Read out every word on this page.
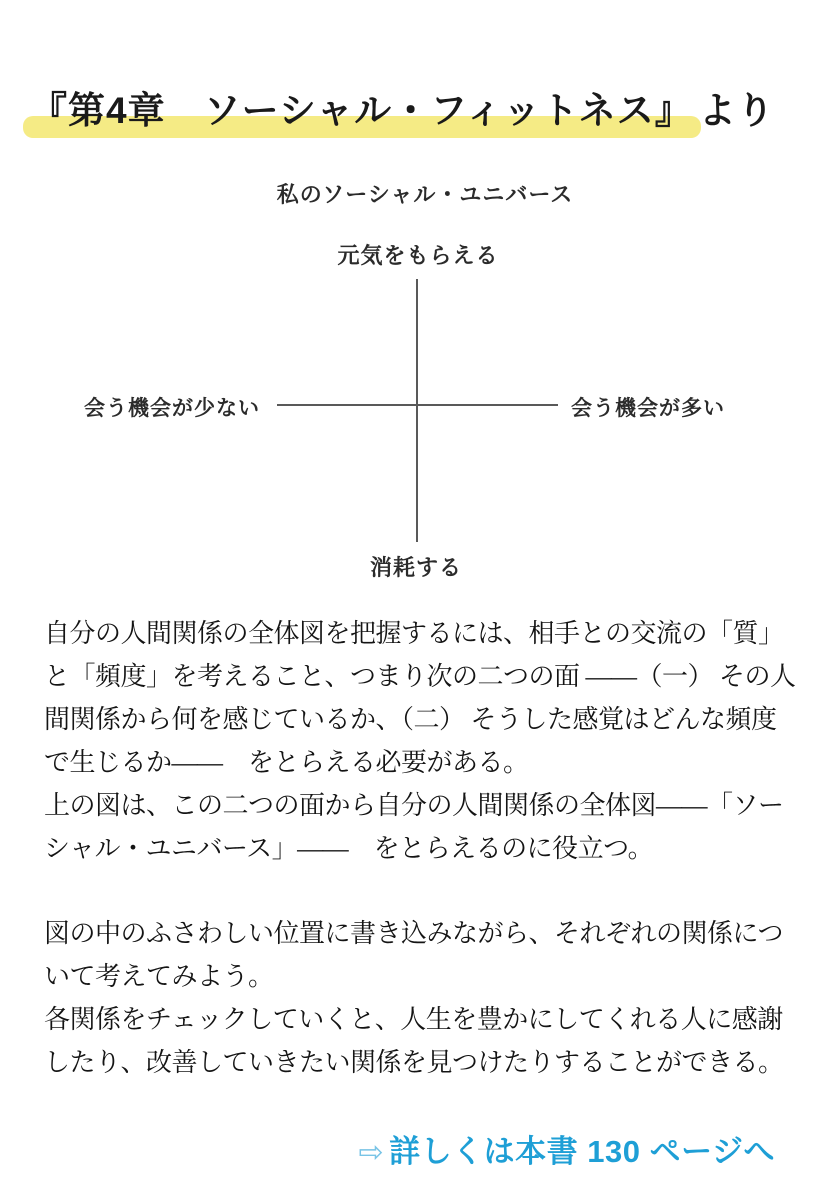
『第4章　ソーシャル・フィットネス』 より
私のソーシャル・ユニバース
元気をもらえる
会う機会が少ない	会う機会が多い
消耗する
自分の人間関係の全体図を把握するには、相手との交流の「質」
と「頻度」を考えること、つまり次の二つの面 ――（一） その人
間関係から何を感じているか、（二） そうした感覚はどんな頻度
で生じるか――　をとらえる必要がある。
上の図は、この二つの面から自分の人間関係の全体図――「ソー
シャル・ユニバース」――　をとらえるのに役立つ。
図の中のふさわしい位置に書き込みながら、それぞれの関係につ
いて考えてみよう。
各関係をチェックしていくと、人生を豊かにしてくれる人に感謝
したり、改善していきたい関係を見つけたりすることができる。
⇨ 詳しくは本書 130 ページへ
